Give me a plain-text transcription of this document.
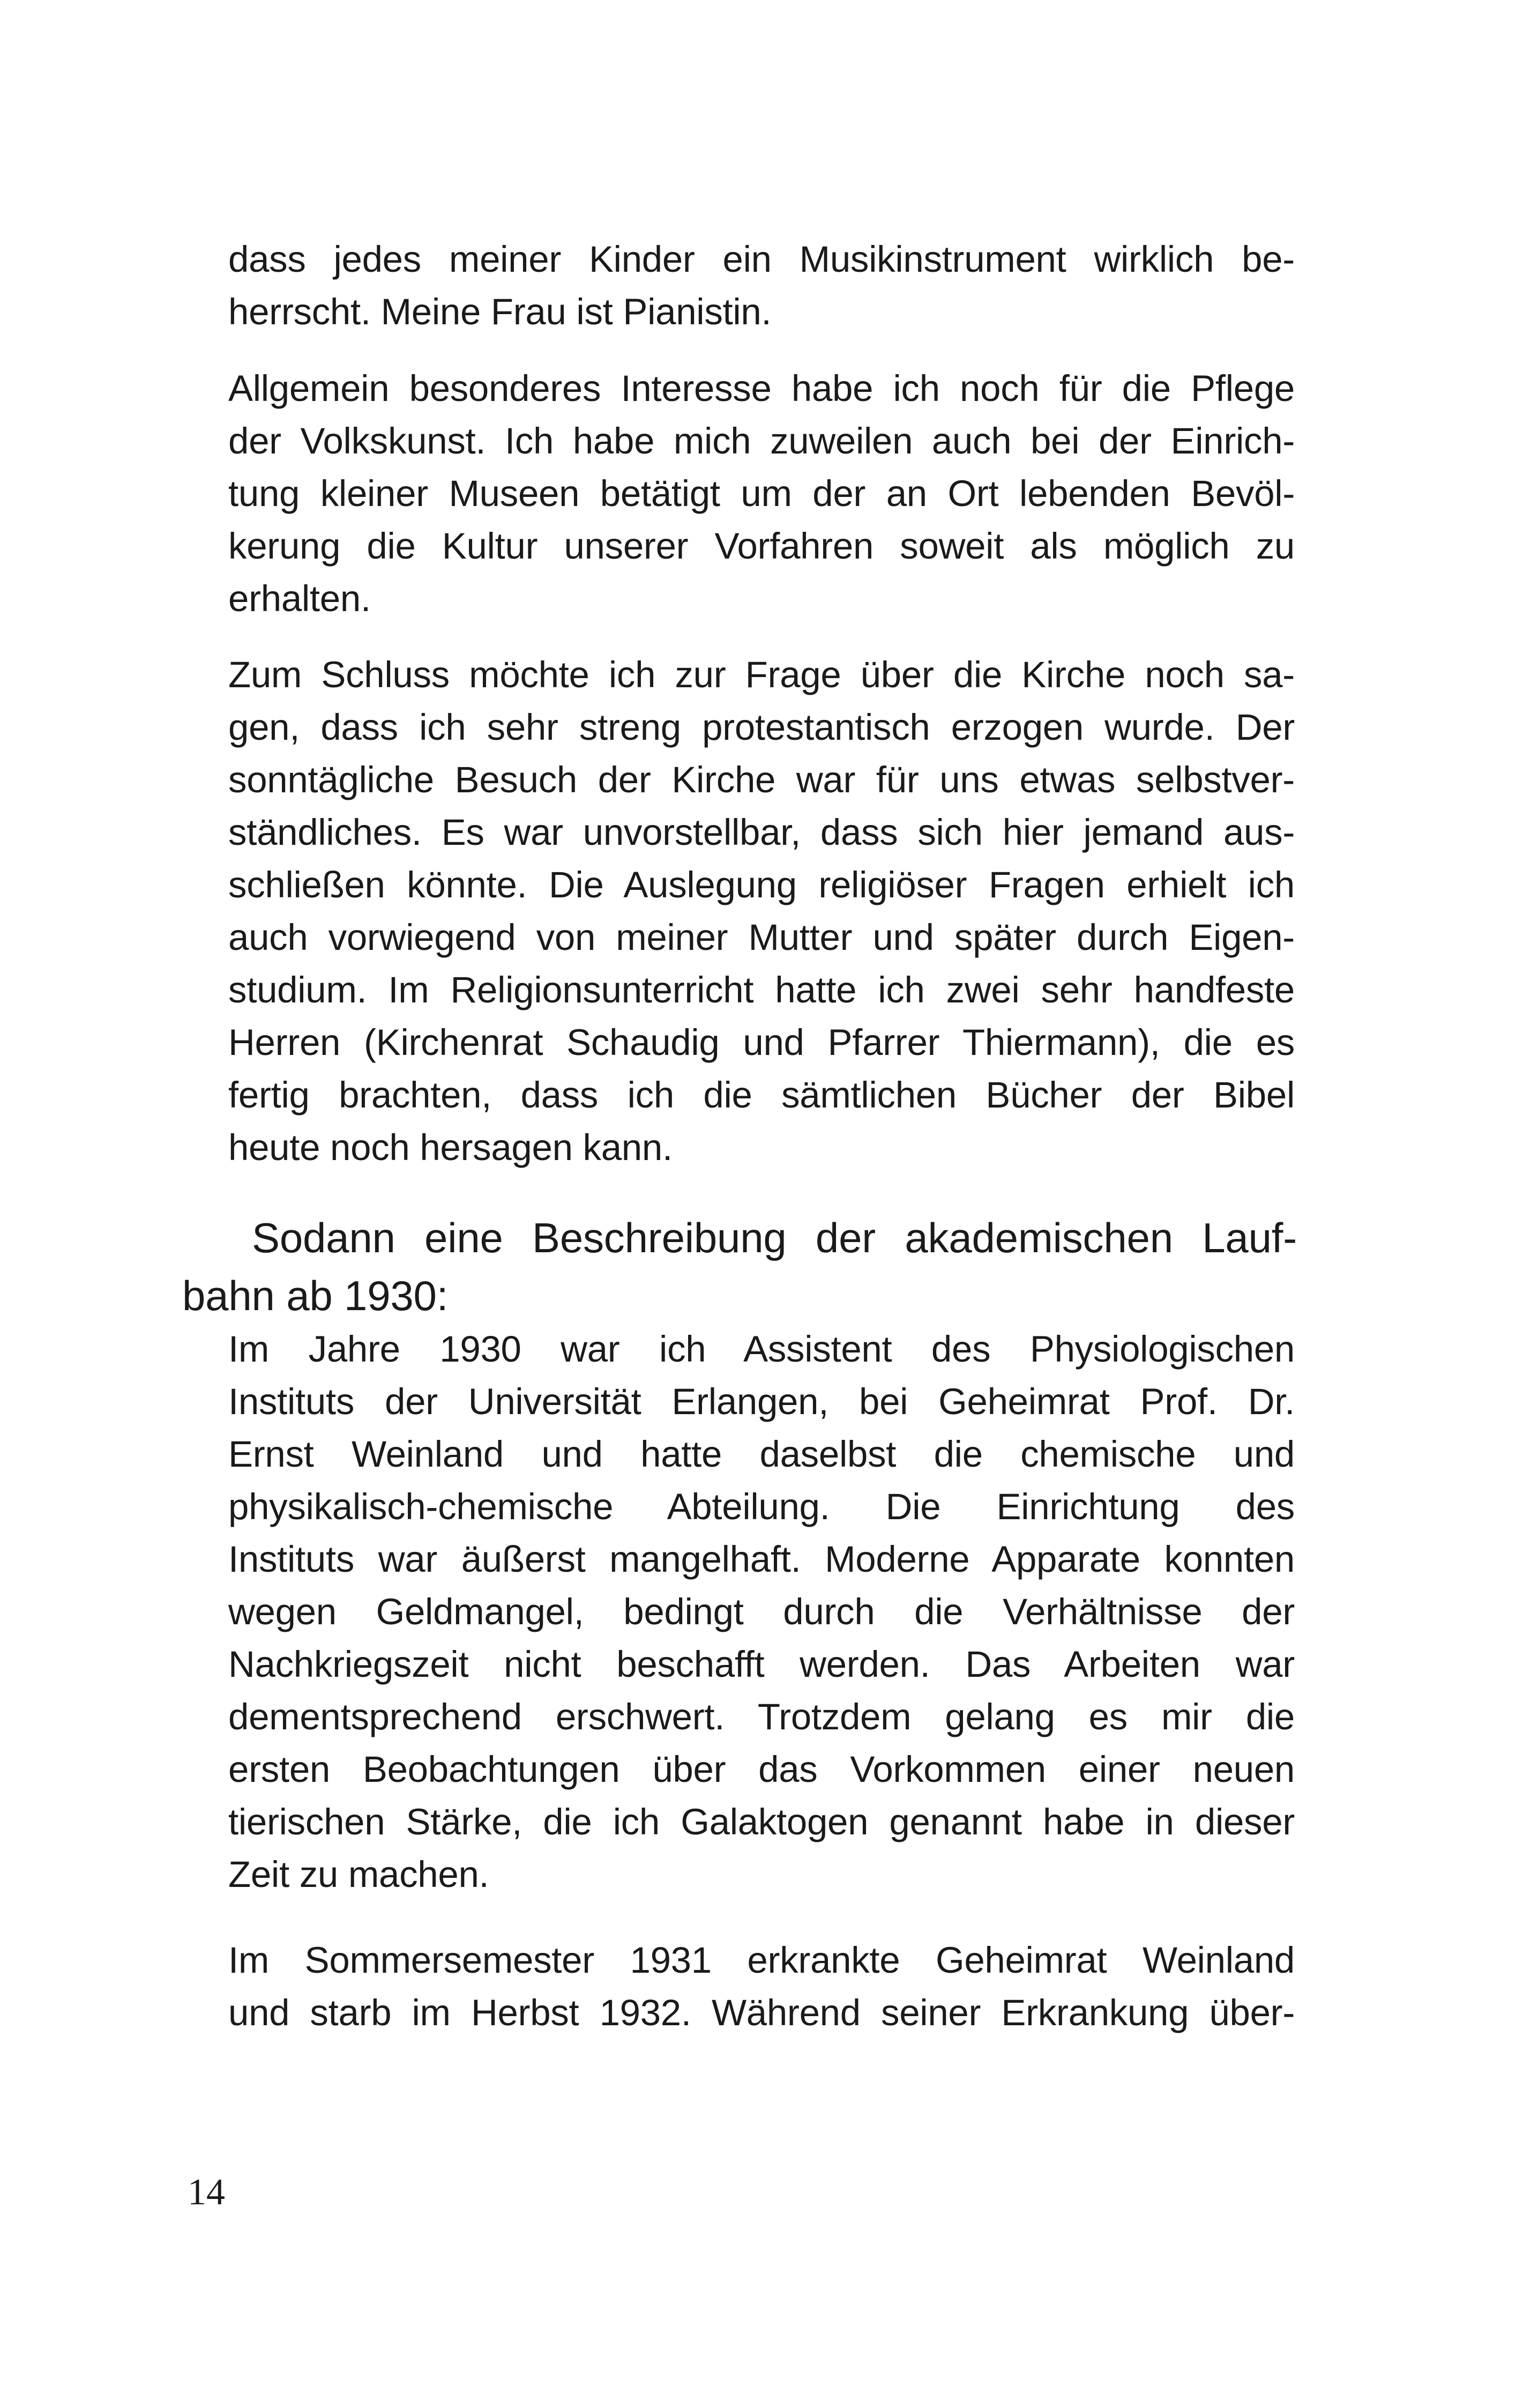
dass jedes meiner Kinder ein Musikinstrument wirklich be-
herrscht. Meine Frau ist Pianistin.
Allgemein besonderes Interesse habe ich noch für die Pflege
der Volkskunst. Ich habe mich zuweilen auch bei der Einrich-
tung kleiner Museen betätigt um der an Ort lebenden Bevöl-
kerung die Kultur unserer Vorfahren soweit als möglich zu
erhalten.
Zum Schluss möchte ich zur Frage über die Kirche noch sa-
gen, dass ich sehr streng protestantisch erzogen wurde. Der
sonntägliche Besuch der Kirche war für uns etwas selbstver-
ständliches. Es war unvorstellbar, dass sich hier jemand aus-
schließen könnte. Die Auslegung religiöser Fragen erhielt ich
auch vorwiegend von meiner Mutter und später durch Eigen-
studium. Im Religionsunterricht hatte ich zwei sehr handfeste
Herren (Kirchenrat Schaudig und Pfarrer Thiermann), die es
fertig brachten, dass ich die sämtlichen Bücher der Bibel
heute noch hersagen kann.
Sodann eine Beschreibung der akademischen Lauf-
bahn ab 1930:
Im Jahre 1930 war ich Assistent des Physiologischen
Instituts der Universität Erlangen, bei Geheimrat Prof. Dr.
Ernst Weinland und hatte daselbst die chemische und
physikalisch-chemische Abteilung. Die Einrichtung des
Instituts war äußerst mangelhaft. Moderne Apparate konnten
wegen Geldmangel, bedingt durch die Verhältnisse der
Nachkriegszeit nicht beschafft werden. Das Arbeiten war
dementsprechend erschwert. Trotzdem gelang es mir die
ersten Beobachtungen über das Vorkommen einer neuen
tierischen Stärke, die ich Galaktogen genannt habe in dieser
Zeit zu machen.
Im Sommersemester 1931 erkrankte Geheimrat Weinland
und starb im Herbst 1932. Während seiner Erkrankung über-
14
